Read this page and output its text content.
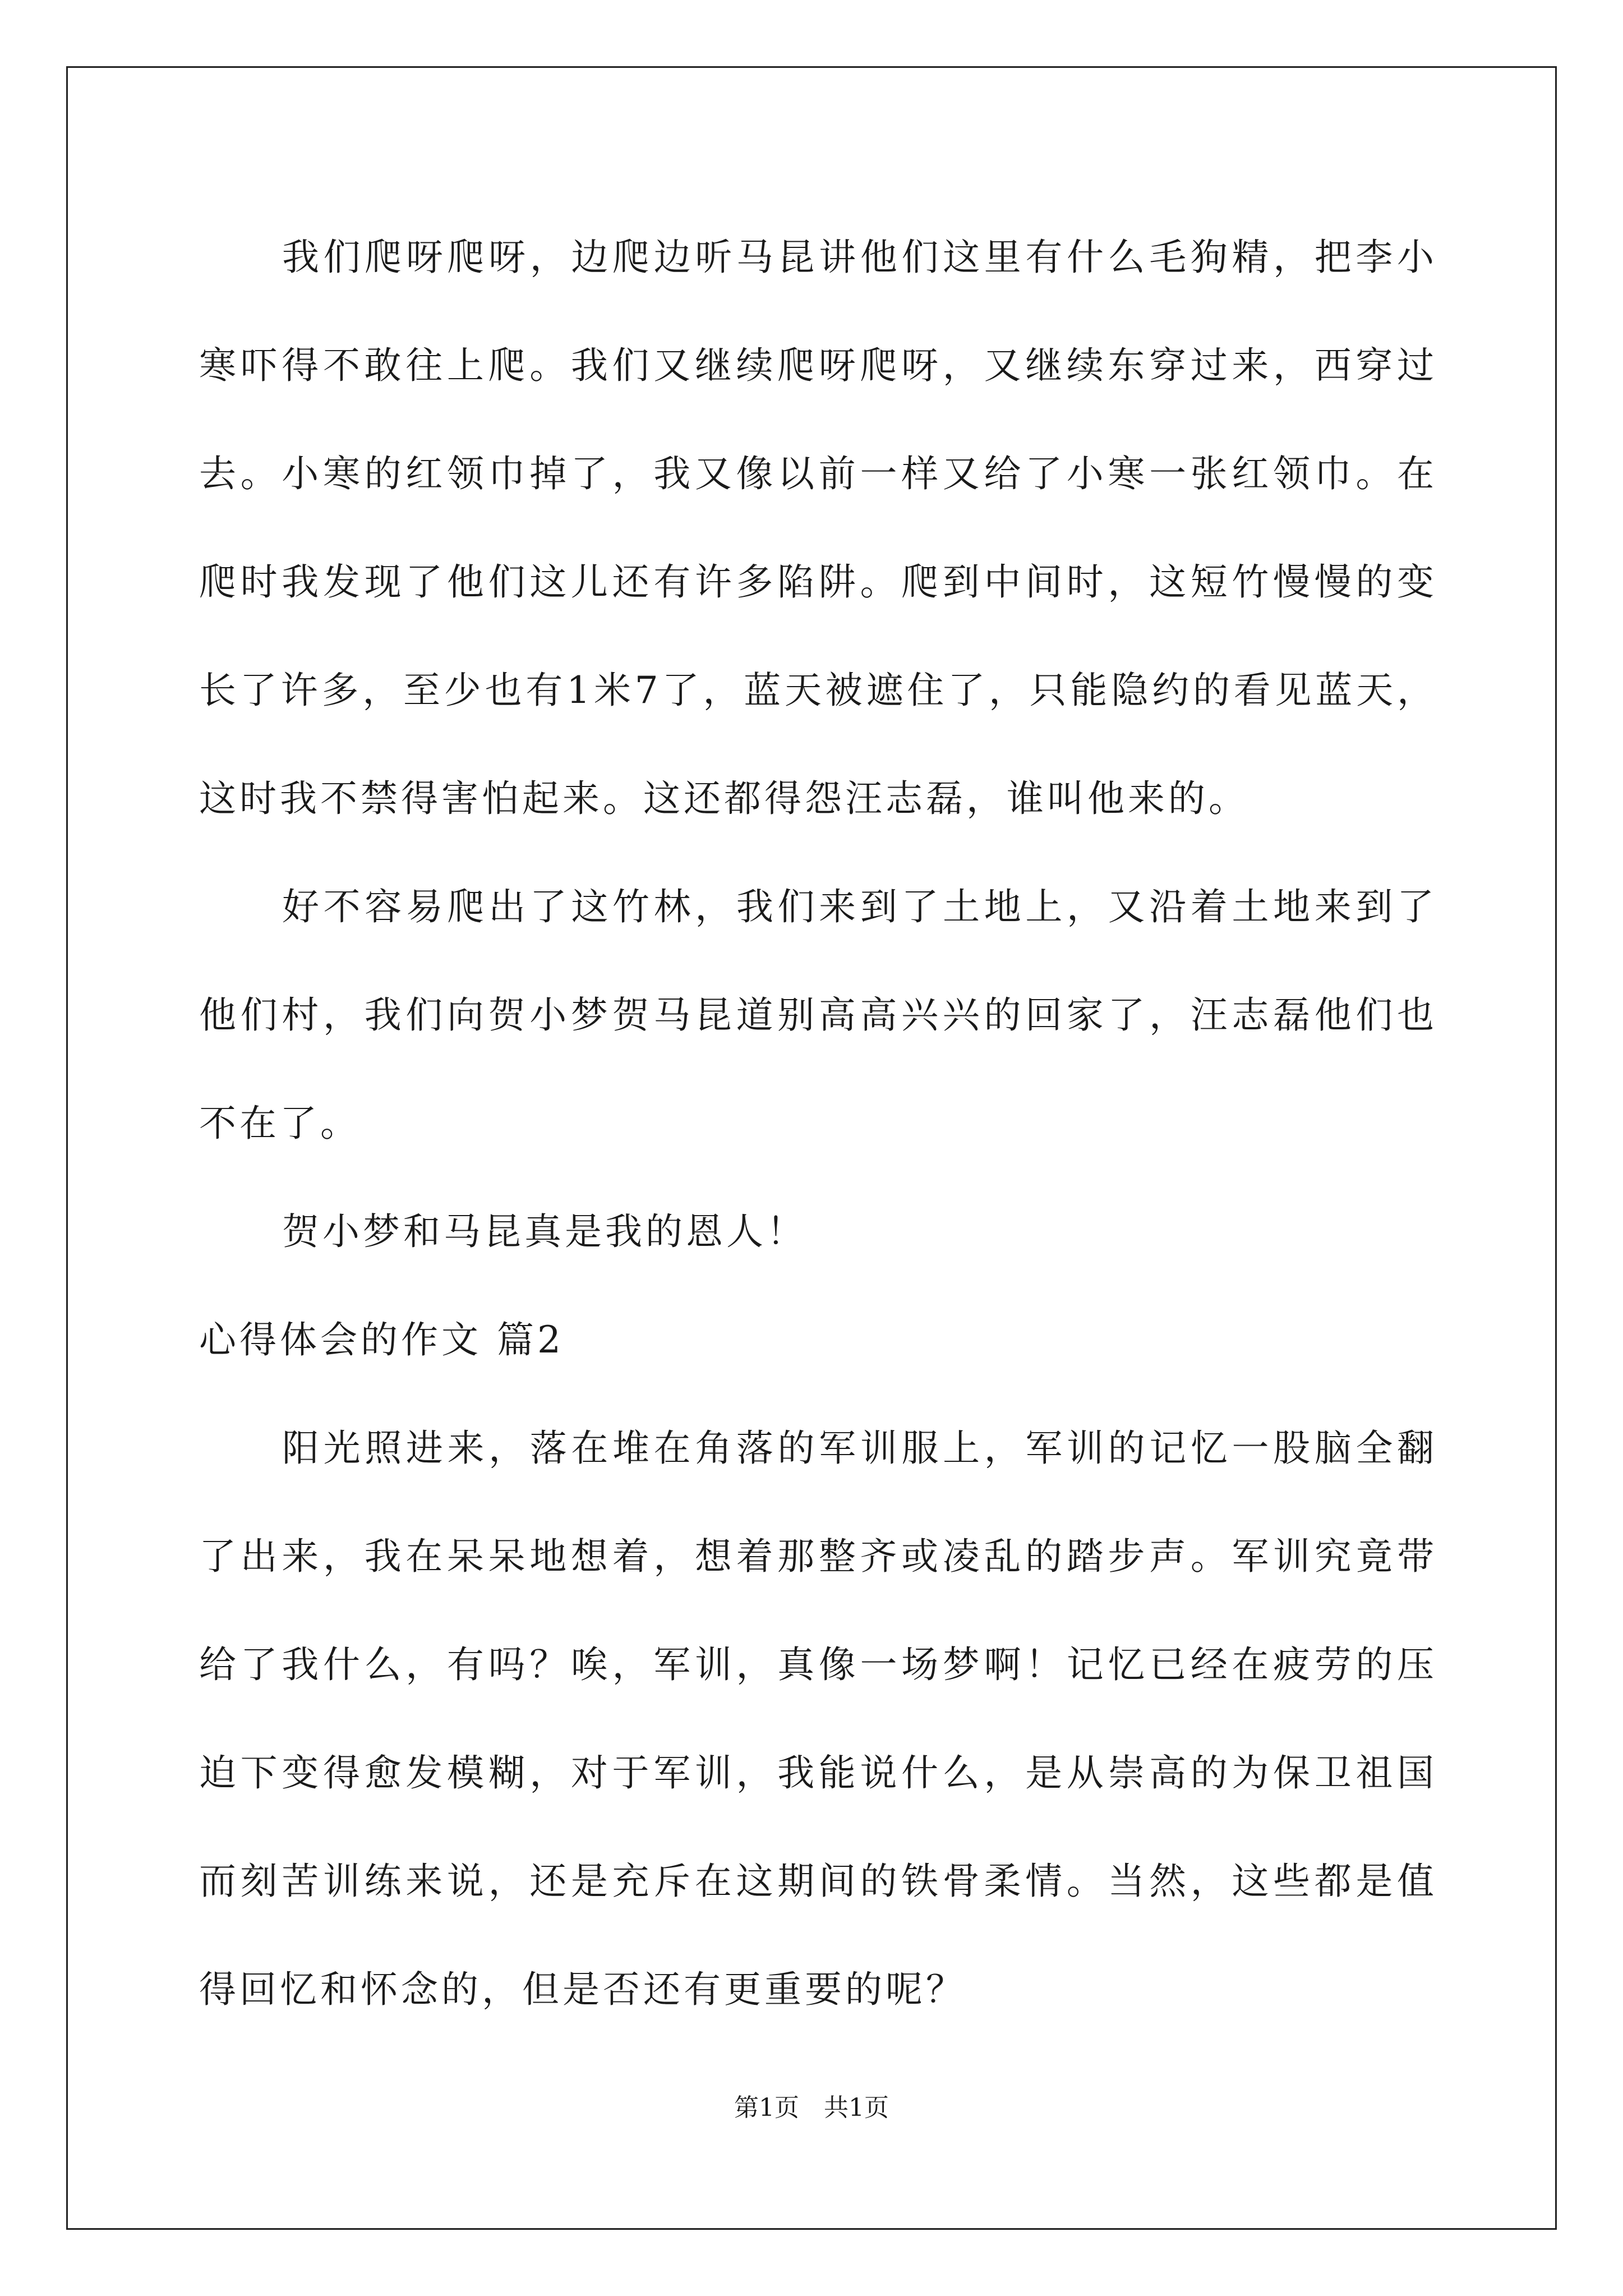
我们爬呀爬呀，边爬边听马昆讲他们这里有什么毛狗精，把李小寒吓得不敢往上爬。我们又继续爬呀爬呀，又继续东穿过来，西穿过去。小寒的红领巾掉了，我又像以前一样又给了小寒一张红领巾。在爬时我发现了他们这儿还有许多陷阱。爬到中间时，这短竹慢慢的变长了许多，至少也有1米7了，蓝天被遮住了，只能隐约的看见蓝天，这时我不禁得害怕起来。这还都得怨汪志磊，谁叫他来的。

好不容易爬出了这竹林，我们来到了土地上，又沿着土地来到了他们村，我们向贺小梦贺马昆道别高高兴兴的回家了，汪志磊他们也不在了。

贺小梦和马昆真是我的恩人！

心得体会的作文 篇2

阳光照进来，落在堆在角落的军训服上，军训的记忆一股脑全翻了出来，我在呆呆地想着，想着那整齐或凌乱的踏步声。军训究竟带给了我什么，有吗？唉，军训，真像一场梦啊！记忆已经在疲劳的压迫下变得愈发模糊，对于军训，我能说什么，是从崇高的为保卫祖国而刻苦训练来说，还是充斥在这期间的铁骨柔情。当然，这些都是值得回忆和怀念的，但是否还有更重要的呢？

第1页　共1页
